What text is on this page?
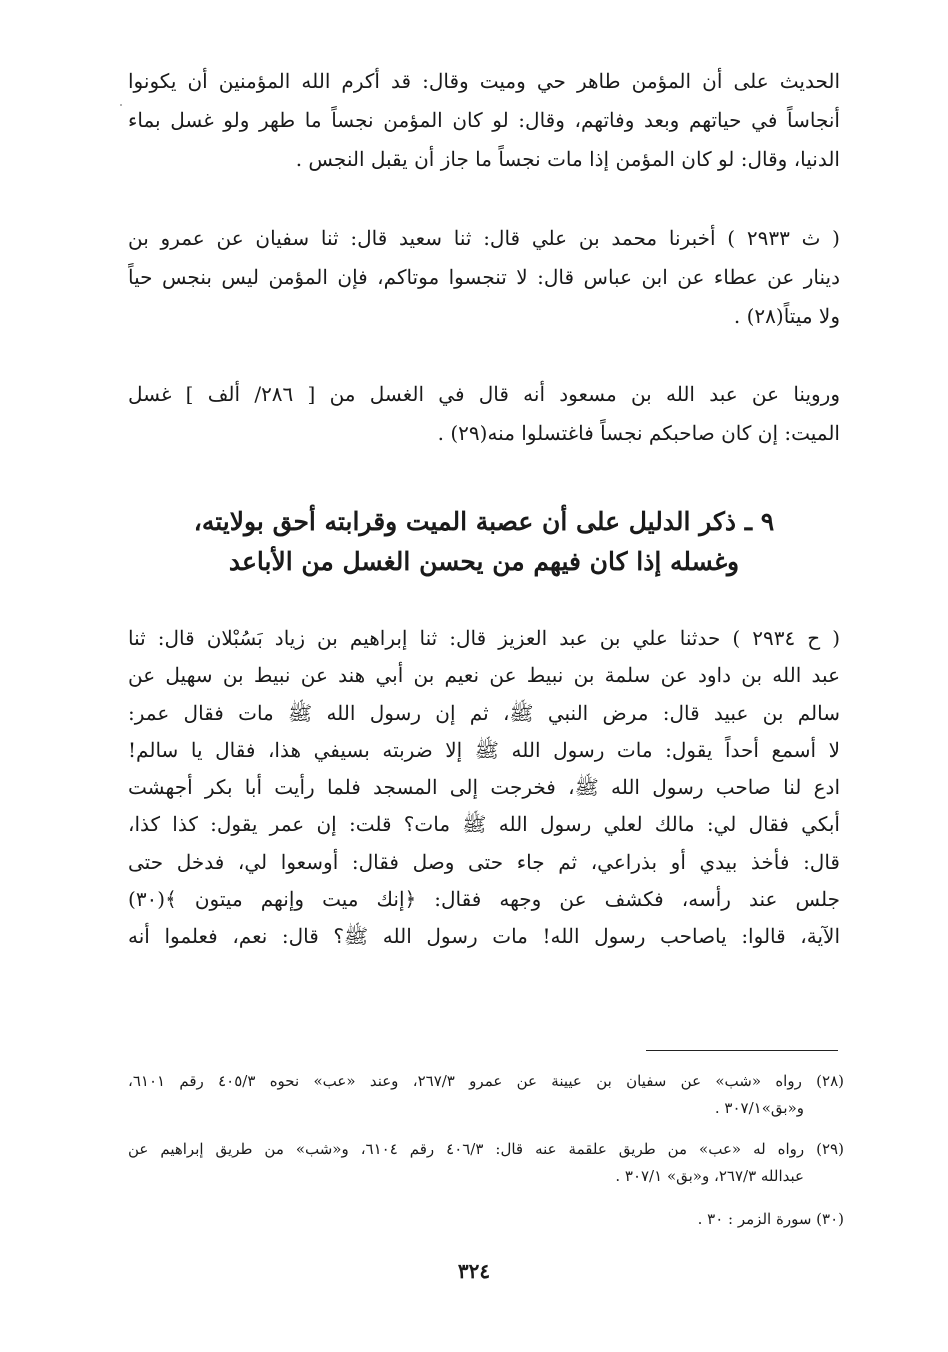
الحديث على أن المؤمن طاهر حي وميت وقال: قد أكرم الله المؤمنين أن يكونوا
أنجاساً في حياتهم وبعد وفاتهم، وقال: لو كان المؤمن نجساً ما طهر ولو غسل بماء
الدنيا، وقال: لو كان المؤمن إذا مات نجساً ما جاز أن يقبل النجس .
( ث ٢٩٣٣ ) أخبرنا محمد بن علي قال: ثنا سعيد قال: ثنا سفيان عن عمرو بن
دينار عن عطاء عن ابن عباس قال: لا تنجسوا موتاكم، فإن المؤمن ليس بنجس حياً
ولا ميتاً(٢٨) .
وروينا عن عبد الله بن مسعود أنه قال في الغسل من [ ٢٨٦/ ألف ] غسل
الميت: إن كان صاحبكم نجساً فاغتسلوا منه(٢٩) .
٩ ـ ذكر الدليل على أن عصبة الميت وقرابته أحق بولايته،
وغسله إذا كان فيهم من يحسن الغسل من الأباعد
( ح ٢٩٣٤ ) حدثنا علي بن عبد العزيز قال: ثنا إبراهيم بن زياد بَسُبْلان قال: ثنا
عبد الله بن داود عن سلمة بن نبيط عن نعيم بن أبي هند عن نبيط بن سهيل عن
سالم بن عبيد قال: مرض النبي ﷺ، ثم إن رسول الله ﷺ مات فقال عمر:
لا أسمع أحداً يقول: مات رسول الله ﷺ إلا ضربته بسيفي هذا، فقال يا سالم!
ادع لنا صاحب رسول الله ﷺ، فخرجت إلى المسجد فلما رأيت أبا بكر أجهشت
أبكي فقال لي: مالك لعلي رسول الله ﷺ مات؟ قلت: إن عمر يقول: كذا كذا،
قال: فأخذ بيدي أو بذراعي، ثم جاء حتى وصل فقال: أوسعوا لي، فدخل حتى
جلس عند رأسه، فكشف عن وجهه فقال: ﴿إنك ميت وإنهم ميتون ﴾(٣٠)
الآية، قالوا: ياصاحب رسول الله! مات رسول الله ﷺ؟ قال: نعم، فعلموا أنه
(٢٨) رواه «شب» عن سفيان بن عيينة عن عمرو ٢٦٧/٣، وعند «عب» نحوه ٤٠٥/٣ رقم ٦١٠١،
و«بق»٣٠٧/١ .
(٢٩) رواه له «عب» من طريق علقمة عنه قال: ٤٠٦/٣ رقم ٦١٠٤، و«شب» من طريق إبراهيم عن
عبدالله ٢٦٧/٣، و«بق» ٣٠٧/١ .
(٣٠) سورة الزمر : ٣٠ .
٣٢٤
